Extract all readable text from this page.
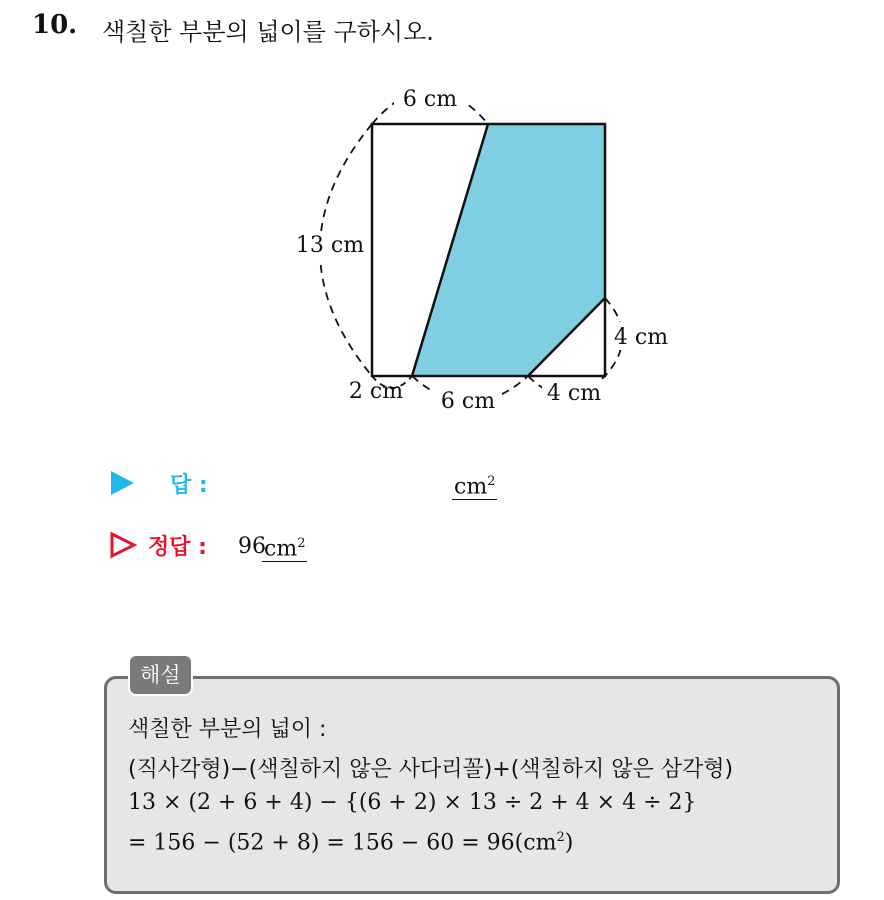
10. 색칠한 부분의 넓이를 구하시오.
6 cm
13 cm
4 cm
2 cm 6 cm 4 cm
답 :	$cm^2$
정답 : 96
$cm^2$
해설
색칠한 부분의 넓이 :
(직사각형)−(색칠하지 않은 사다리꼴)+(색칠하지 않은 삼각형)
13 × (2 + 6 + 4) − {(6 + 2) × 13 ÷ 2 + 4 × 4 ÷ 2}
= $156 - (52 + 8) = 156 - 60 = 96(cm^2)$
